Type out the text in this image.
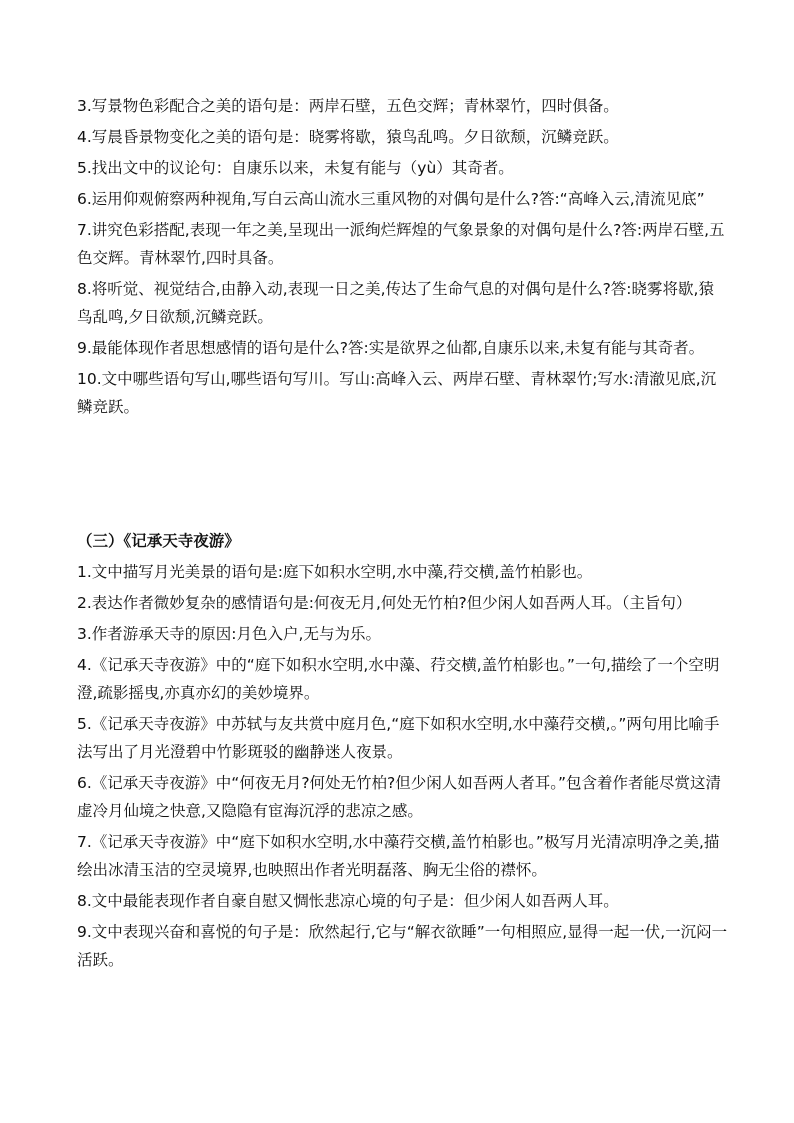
3.写景物色彩配合之美的语句是：两岸石壁，五色交辉；青林翠竹，四时俱备。

4.写晨昏景物变化之美的语句是：晓雾将歇，猿鸟乱鸣。夕日欲颓，沉鳞竞跃。

5.找出文中的议论句：自康乐以来，未复有能与（yù）其奇者。

6.运用仰观俯察两种视角,写白云高山流水三重风物的对偶句是什么?答:“高峰入云,清流见底”

7.讲究色彩搭配,表现一年之美,呈现出一派绚烂辉煌的气象景象的对偶句是什么?答:两岸石壁,五色交辉。青林翠竹,四时具备。

8.将听觉、视觉结合,由静入动,表现一日之美,传达了生命气息的对偶句是什么?答:晓雾将歇,猿鸟乱鸣,夕日欲颓,沉鳞竞跃。

9.最能体现作者思想感情的语句是什么?答:实是欲界之仙都,自康乐以来,未复有能与其奇者。

10.文中哪些语句写山,哪些语句写川。写山:高峰入云、两岸石壁、青林翠竹;写水:清澈见底,沉鳞竞跃。

（三）《记承天寺夜游》

1.文中描写月光美景的语句是:庭下如积水空明,水中藻,荇交横,盖竹柏影也。

2.表达作者微妙复杂的感情语句是:何夜无月,何处无竹柏?但少闲人如吾两人耳。（主旨句）

3.作者游承天寺的原因:月色入户,无与为乐。

4.《记承天寺夜游》中的“庭下如积水空明,水中藻、荇交横,盖竹柏影也。”一句,描绘了一个空明澄,疏影摇曳,亦真亦幻的美妙境界。

5.《记承天寺夜游》中苏轼与友共赏中庭月色,“庭下如积水空明,水中藻荇交横,。”两句用比喻手法写出了月光澄碧中竹影斑驳的幽静迷人夜景。

6.《记承天寺夜游》中“何夜无月?何处无竹柏?但少闲人如吾两人者耳。”包含着作者能尽赏这清虚冷月仙境之快意,又隐隐有宦海沉浮的悲凉之感。

7.《记承天寺夜游》中“庭下如积水空明,水中藻荇交横,盖竹柏影也。”极写月光清凉明净之美,描绘出冰清玉洁的空灵境界,也映照出作者光明磊落、胸无尘俗的襟怀。

8.文中最能表现作者自豪自慰又惆怅悲凉心境的句子是：但少闲人如吾两人耳。

9.文中表现兴奋和喜悦的句子是：欣然起行,它与“解衣欲睡”一句相照应,显得一起一伏,一沉闷一活跃。
